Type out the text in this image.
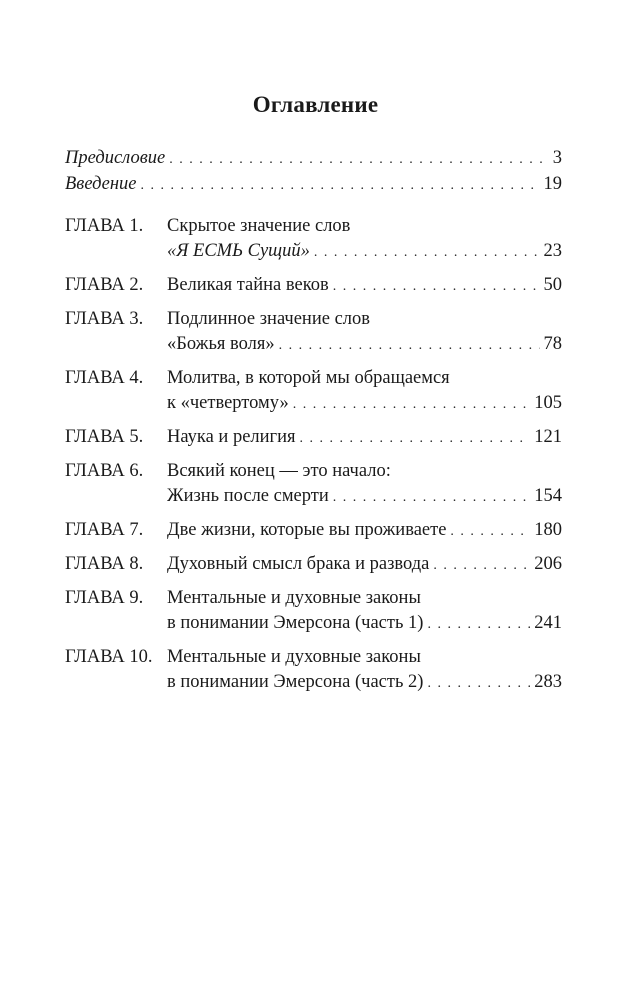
Оглавление
Предисловие . . .	3
Введение . . .	19
ГЛАВА 1.	Скрытое значение слов
«Я ЕСМЬ Сущий» . . .	23
ГЛАВА 2.	Великая тайна веков . . .	50
ГЛАВА 3.	Подлинное значение слов
«Божья воля» . . .	78
ГЛАВА 4.	Молитва, в которой мы обращаемся
к «четвертому» . . .	105
ГЛАВА 5.	Наука и религия . . .	121
ГЛАВА 6.	Всякий конец — это начало:
Жизнь после смерти . . .	154
ГЛАВА 7.	Две жизни, которые вы проживаете . . .	180
ГЛАВА 8.	Духовный смысл брака и развода . . .	206
ГЛАВА 9.	Ментальные и духовные законы
в понимании Эмерсона (часть 1) . . .	241
ГЛАВА 10. Ментальные и духовные законы
в понимании Эмерсона (часть 2) . . .	283
